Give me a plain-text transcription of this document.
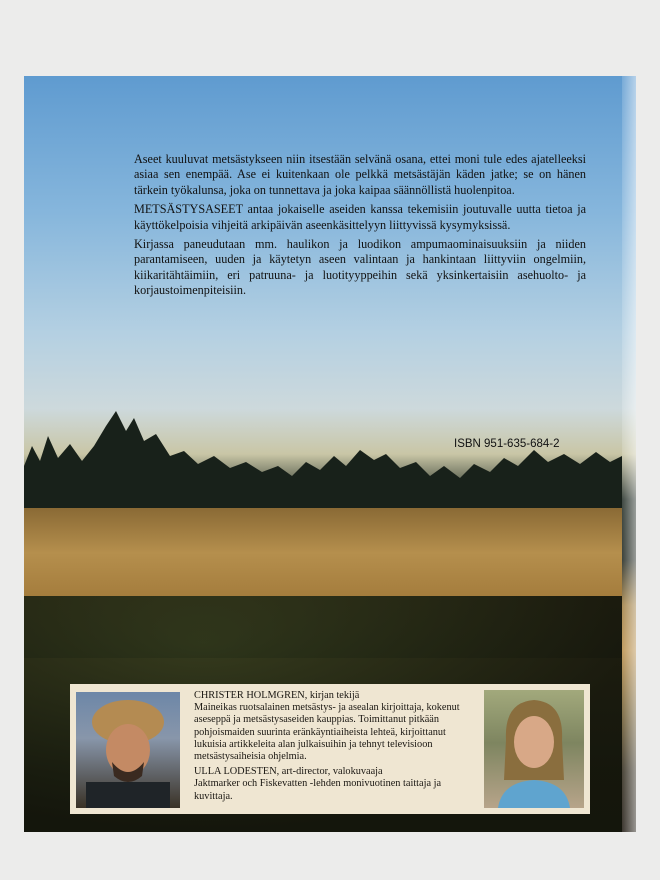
Aseet kuuluvat metsästykseen niin itsestään selvänä osana, ettei moni tule edes ajatelleeksi asiaa sen enempää. Ase ei kuitenkaan ole pelkkä metsästäjän käden jatke; se on hänen tärkein työkalunsa, joka on tunnettava ja joka kaipaa säännöllistä huolenpitoa.

METSÄSTYSASEET antaa jokaiselle aseiden kanssa tekemisiin joutuvalle uutta tietoa ja käyttökelpoisia vihjeitä arkipäivän aseenkäsittelyyn liittyvissä kysymyksissä.

Kirjassa paneudutaan mm. haulikon ja luodikon ampumaominaisuuksiin ja niiden parantamiseen, uuden ja käytetyn aseen valintaan ja hankintaan liittyviin ongelmiin, kiikaritähtäimiin, eri patruuna- ja luotityyppeihin sekä yksinkertaisiin asehuolto- ja korjaustoimenpiteisiin.

ISBN 951-635-684-2

CHRISTER HOLMGREN, kirjan tekijä
Maineikas ruotsalainen metsästys- ja asealan kirjoittaja, kokenut aseseppä ja metsästysaseiden kauppias. Toimittanut pitkään pohjoismaiden suurinta eränkäyntiaiheista lehteä, kirjoittanut lukuisia artikkeleita alan julkaisuihin ja tehnyt televisioon metsästysaiheisia ohjelmia.

ULLA LODESTEN, art-director, valokuvaaja
Jaktmarker och Fiskevatten -lehden monivuotinen taittaja ja kuvittaja.
